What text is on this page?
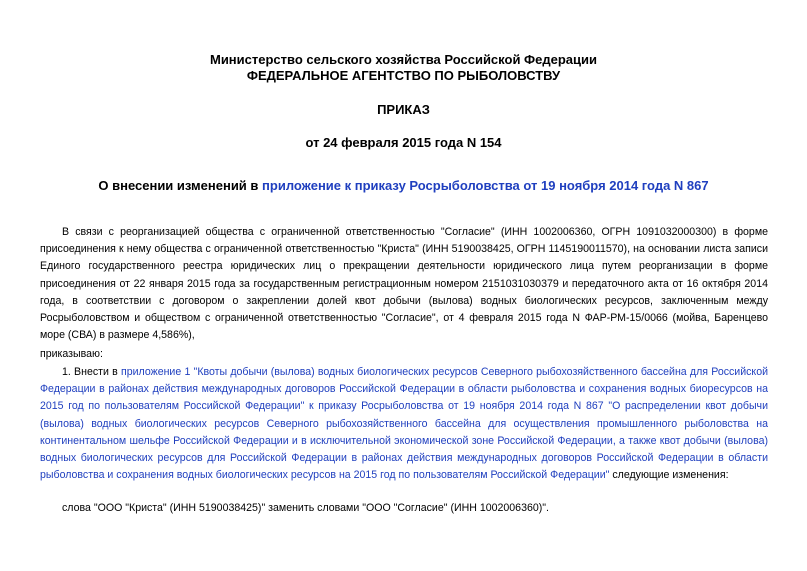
Министерство сельского хозяйства Российской Федерации
ФЕДЕРАЛЬНОЕ АГЕНТСТВО ПО РЫБОЛОВСТВУ
ПРИКАЗ
от 24 февраля 2015 года N 154
О внесении изменений в приложение к приказу Росрыболовства от 19 ноября 2014 года N 867
В связи с реорганизацией общества с ограниченной ответственностью "Согласие" (ИНН 1002006360, ОГРН 1091032000300) в форме присоединения к нему общества с ограниченной ответственностью "Криста" (ИНН 5190038425, ОГРН 1145190011570), на основании листа записи Единого государственного реестра юридических лиц о прекращении деятельности юридического лица путем реорганизации в форме присоединения от 22 января 2015 года за государственным регистрационным номером 2151031030379 и передаточного акта от 16 октября 2014 года, в соответствии с договором о закреплении долей квот добычи (вылова) водных биологических ресурсов, заключенным между Росрыболовством и обществом с ограниченной ответственностью "Согласие", от 4 февраля 2015 года N ФАР-РМ-15/0066 (мойва, Баренцево море (СВА) в размере 4,586%),
приказываю:
1. Внести в приложение 1 "Квоты добычи (вылова) водных биологических ресурсов Северного рыбохозяйственного бассейна для Российской Федерации в районах действия международных договоров Российской Федерации в области рыболовства и сохранения водных биоресурсов на 2015 год по пользователям Российской Федерации" к приказу Росрыболовства от 19 ноября 2014 года N 867 "О распределении квот добычи (вылова) водных биологических ресурсов Северного рыбохозяйственного бассейна для осуществления промышленного рыболовства на континентальном шельфе Российской Федерации и в исключительной экономической зоне Российской Федерации, а также квот добычи (вылова) водных биологических ресурсов для Российской Федерации в районах действия международных договоров Российской Федерации в области рыболовства и сохранения водных биологических ресурсов на 2015 год по пользователям Российской Федерации" следующие изменения:
слова "ООО "Криста" (ИНН 5190038425)" заменить словами "ООО "Согласие" (ИНН 1002006360)".
